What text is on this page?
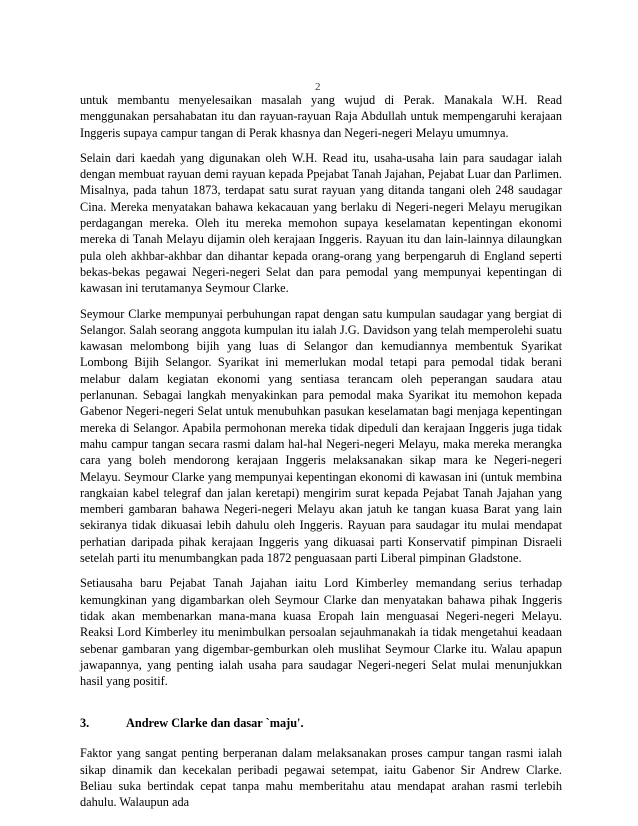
2

untuk membantu menyelesaikan masalah yang wujud di Perak. Manakala W.H. Read menggunakan persahabatan itu dan rayuan-rayuan Raja Abdullah untuk mempengaruhi kerajaan Inggeris supaya campur tangan di Perak khasnya dan Negeri-negeri Melayu umumnya.

Selain dari kaedah yang digunakan oleh W.H. Read itu, usaha-usaha lain para saudagar ialah dengan membuat rayuan demi rayuan kepada Ppejabat Tanah Jajahan, Pejabat Luar dan Parlimen. Misalnya, pada tahun 1873, terdapat satu surat rayuan yang ditanda tangani oleh 248 saudagar Cina. Mereka menyatakan bahawa kekacauan yang berlaku di Negeri-negeri Melayu merugikan perdagangan mereka. Oleh itu mereka memohon supaya keselamatan kepentingan ekonomi mereka di Tanah Melayu dijamin oleh kerajaan Inggeris. Rayuan itu dan lain-lainnya dilaungkan pula oleh akhbar-akhbar dan dihantar kepada orang-orang yang berpengaruh di England seperti bekas-bekas pegawai Negeri-negeri Selat dan para pemodal yang mempunyai kepentingan di kawasan ini terutamanya Seymour Clarke.

Seymour Clarke mempunyai perbuhungan rapat dengan satu kumpulan saudagar yang bergiat di Selangor. Salah seorang anggota kumpulan itu ialah J.G. Davidson yang telah memperolehi suatu kawasan melombong bijih yang luas di Selangor dan kemudiannya membentuk Syarikat Lombong Bijih Selangor. Syarikat ini memerlukan modal tetapi para pemodal tidak berani melabur dalam kegiatan ekonomi yang sentiasa terancam oleh peperangan saudara atau perlanunan. Sebagai langkah menyakinkan para pemodal maka Syarikat itu memohon kepada Gabenor Negeri-negeri Selat untuk menubuhkan pasukan keselamatan bagi menjaga kepentingan mereka di Selangor. Apabila permohonan mereka tidak dipeduli dan kerajaan Inggeris juga tidak mahu campur tangan secara rasmi dalam hal-hal Negeri-negeri Melayu, maka mereka merangka cara yang boleh mendorong kerajaan Inggeris melaksanakan sikap mara ke Negeri-negeri Melayu. Seymour Clarke yang mempunyai kepentingan ekonomi di kawasan ini (untuk membina rangkaian kabel telegraf dan jalan keretapi) mengirim surat kepada Pejabat Tanah Jajahan yang memberi gambaran bahawa Negeri-negeri Melayu akan jatuh ke tangan kuasa Barat yang lain sekiranya tidak dikuasai lebih dahulu oleh Inggeris. Rayuan para saudagar itu mulai mendapat perhatian daripada pihak kerajaan Inggeris yang dikuasai parti Konservatif pimpinan Disraeli setelah parti itu menumbangkan pada 1872 penguasaan parti Liberal pimpinan Gladstone.

Setiausaha baru Pejabat Tanah Jajahan iaitu Lord Kimberley memandang serius terhadap kemungkinan yang digambarkan oleh Seymour Clarke dan menyatakan bahawa pihak Inggeris tidak akan membenarkan mana-mana kuasa Eropah lain menguasai Negeri-negeri Melayu. Reaksi Lord Kimberley itu menimbulkan persoalan sejauhmanakah ia tidak mengetahui keadaan sebenar gambaran yang digembar-gemburkan oleh muslihat Seymour Clarke itu. Walau apapun jawapannya, yang penting ialah usaha para saudagar Negeri-negeri Selat mulai menunjukkan hasil yang positif.

3.	Andrew Clarke dan dasar `maju'.

Faktor yang sangat penting berperanan dalam melaksanakan proses campur tangan rasmi ialah sikap dinamik dan kecekalan peribadi pegawai setempat, iaitu Gabenor Sir Andrew Clarke. Beliau suka bertindak cepat tanpa mahu memberitahu atau mendapat arahan rasmi terlebih dahulu. Walaupun ada
